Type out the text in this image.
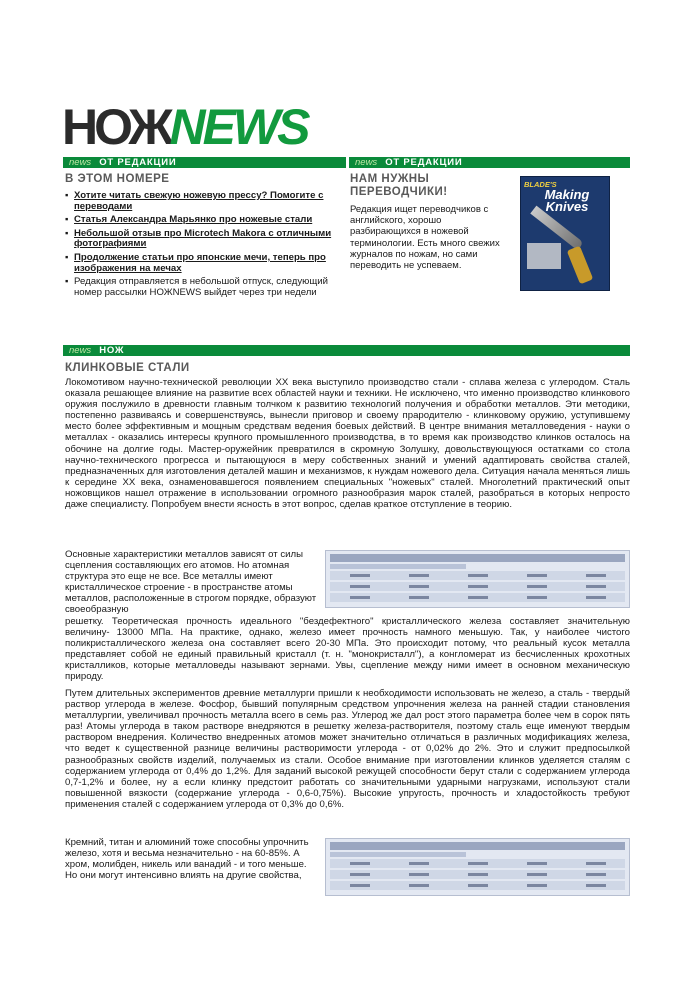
НОЖ NEWS
news ОТ РЕДАКЦИИ
В ЭТОМ НОМЕРЕ
▪ Хотите читать свежую ножевую прессу? Помогите с переводами
▪ Статья Александра Марьянко про ножевые стали
▪ Небольшой отзыв про Microtech Makora с отличными фотографиями
▪ Продолжение статьи про японские мечи, теперь про изображения на мечах
▪ Редакция отправляется в небольшой отпуск, следующий номер рассылки НОЖNEWS выйдет через три недели
news ОТ РЕДАКЦИИ
НАМ НУЖНЫ ПЕРЕВОДЧИКИ!
Редакция ищет переводчиков с английского, хорошо разбирающихся в ножевой терминологии. Есть много свежих журналов по ножам, но сами переводить не успеваем.
BLADE'S
Making Knives
news НОЖ
КЛИНКОВЫЕ СТАЛИ
Локомотивом научно-технической революции XX века выступило производство стали - сплава железа с углеродом. Сталь оказала решающее влияние на развитие всех областей науки и техники. Не исключено, что именно производство клинкового оружия послужило в древности главным толчком к развитию технологий получения и обработки металлов. Эти методики, постепенно развиваясь и совершенствуясь, вынесли приговор и своему прародителю - клинковому оружию, уступившему место более эффективным и мощным средствам ведения боевых действий. В центре внимания металловедения - науки о металлах - оказались интересы крупного промышленного производства, в то время как производство клинков осталось на обочине на долгие годы. Мастер-оружейник превратился в скромную Золушку, довольствующуюся остатками со стола научно-технического прогресса и пытающуюся в меру собственных знаний и умений адаптировать свойства сталей, предназначенных для изготовления деталей машин и механизмов, к нуждам ножевого дела. Ситуация начала меняться лишь к середине XX века, ознаменовавшегося появлением специальных "ножевых" сталей. Многолетний практический опыт ножовщиков нашел отражение в использовании огромного разнообразия марок сталей, разобраться в которых непросто даже специалисту. Попробуем внести ясность в этот вопрос, сделав краткое отступление в теорию.
Основные характеристики металлов зависят от силы сцепления составляющих его атомов. Но атомная структура это еще не все. Все металлы имеют кристаллическое строение - в пространстве атомы металлов, расположенные в строгом порядке, образуют своеобразную
решетку. Теоретическая прочность идеального "бездефектного" кристаллического железа составляет значительную величину- 13000 МПа. На практике, однако, железо имеет прочность намного меньшую. Так, у наиболее чистого поликристаллического железа она составляет всего 20-30 МПа. Это происходит потому, что реальный кусок металла представляет собой не единый правильный кристалл (т. н. "монокристалл"), а конгломерат из бесчисленных крохотных кристалликов, которые металловеды называют зернами. Увы, сцепление между ними имеет в основном механическую природу.
Путем длительных экспериментов древние металлурги пришли к необходимости использовать не железо, а сталь - твердый раствор углерода в железе. Фосфор, бывший популярным средством упрочнения железа на ранней стадии становления металлургии, увеличивал прочность металла всего в семь раз. Углерод же дал рост этого параметра более чем в сорок пять раз! Атомы углерода в таком растворе внедряются в решетку железа-растворителя, поэтому сталь еще именуют твердым раствором внедрения. Количество внедренных атомов может значительно отличаться в различных модификациях железа, что ведет к существенной разнице величины растворимости углерода - от 0,02% до 2%. Это и служит предпосылкой разнообразных свойств изделий, получаемых из стали. Особое внимание при изготовлении клинков уделяется сталям с содержанием углерода от 0,4% до 1,2%. Для заданий высокой режущей способности берут стали с содержанием углерода 0,7-1,2% и более, ну а если клинку предстоит работать со значительными ударными нагрузками, используют стали повышенной вязкости (содержание углерода - 0,6-0,75%). Высокие упругость, прочность и хладостойкость требуют применения сталей с содержанием углерода от 0,3% до 0,6%.
Кремний, титан и алюминий тоже способны упрочнить железо, хотя и весьма незначительно - на 60-85%. А хром, молибден, никель или ванадий - и того меньше. Но они могут интенсивно влиять на другие свойства,
